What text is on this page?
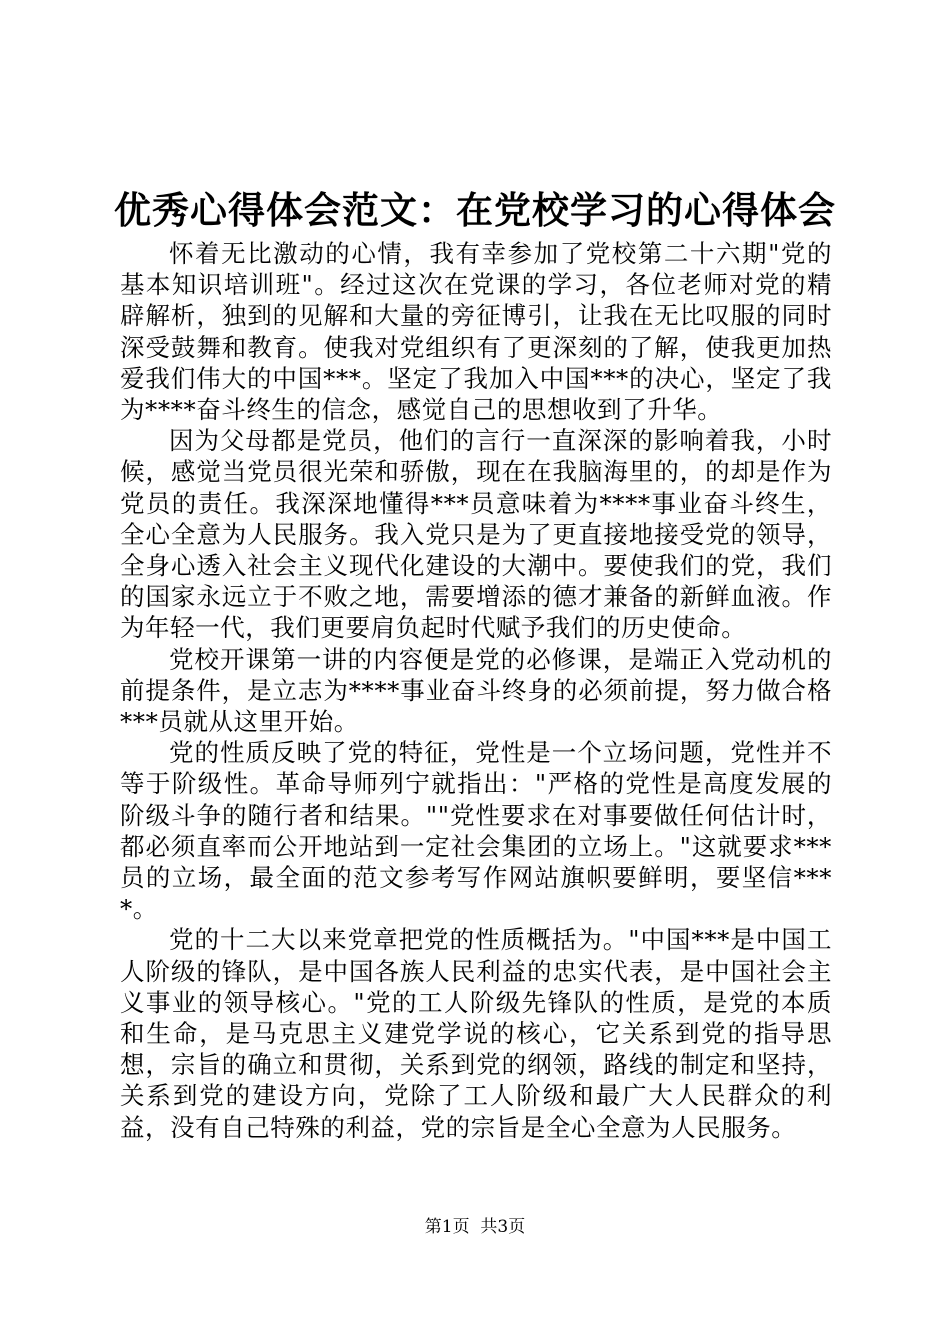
优秀心得体会范文：在党校学习的心得体会

怀着无比激动的心情，我有幸参加了党校第二十六期"党的基本知识培训班"。经过这次在党课的学习，各位老师对党的精辟解析，独到的见解和大量的旁征博引，让我在无比叹服的同时深受鼓舞和教育。使我对党组织有了更深刻的了解，使我更加热爱我们伟大的中国***。坚定了我加入中国***的决心，坚定了我为****奋斗终生的信念，感觉自己的思想收到了升华。

因为父母都是党员，他们的言行一直深深的影响着我，小时候，感觉当党员很光荣和骄傲，现在在我脑海里的，的却是作为党员的责任。我深深地懂得***员意味着为****事业奋斗终生，全心全意为人民服务。我入党只是为了更直接地接受党的领导，全身心透入社会主义现代化建设的大潮中。要使我们的党，我们的国家永远立于不败之地，需要增添的德才兼备的新鲜血液。作为年轻一代，我们更要肩负起时代赋予我们的历史使命。

党校开课第一讲的内容便是党的必修课，是端正入党动机的前提条件，是立志为****事业奋斗终身的必须前提，努力做合格***员就从这里开始。

党的性质反映了党的特征，党性是一个立场问题，党性并不等于阶级性。革命导师列宁就指出："严格的党性是高度发展的阶级斗争的随行者和结果。""党性要求在对事要做任何估计时，都必须直率而公开地站到一定社会集团的立场上。"这就要求***员的立场，最全面的范文参考写作网站旗帜要鲜明，要坚信****。

党的十二大以来党章把党的性质概括为。"中国***是中国工人阶级的锋队，是中国各族人民利益的忠实代表，是中国社会主义事业的领导核心。"党的工人阶级先锋队的性质，是党的本质和生命，是马克思主义建党学说的核心，它关系到党的指导思想，宗旨的确立和贯彻，关系到党的纲领，路线的制定和坚持，关系到党的建设方向，党除了工人阶级和最广大人民群众的利益，没有自己特殊的利益，党的宗旨是全心全意为人民服务。

第1页  共3页
